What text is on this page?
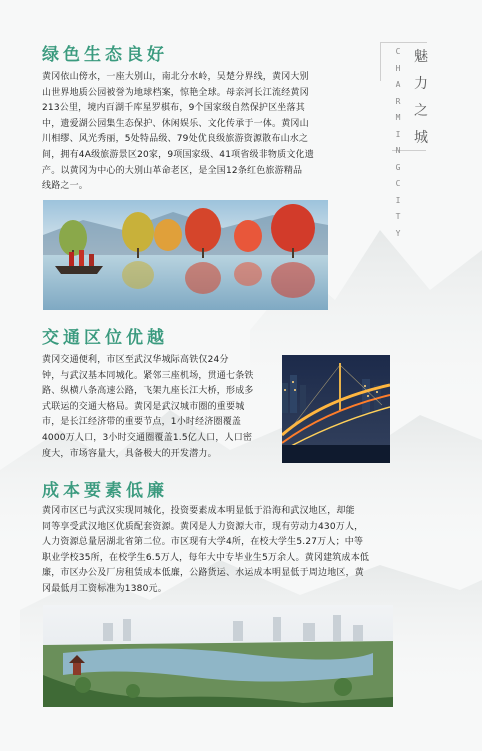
C
H
A
R
M
I
N
G
C
I
T
Y
魅
力
之
城
绿色生态良好
黄冈依山傍水，一座大别山，南北分水岭，吴楚分界线，黄冈大别
山世界地质公园被誉为地球档案，惊艳全球。母亲河长江流经黄冈
213公里，境内百湖千库星罗棋布，9个国家级自然保护区坐落其
中，遗爱湖公园集生态保护、休闲娱乐、文化传承于一体。黄冈山
川相缪、风光秀丽，5处特品级、79处优良级旅游资源散布山水之
间，拥有4A级旅游景区20家，9项国家级、41项省级非物质文化遗
产。以黄冈为中心的大别山革命老区，是全国12条红色旅游精品
线路之一。
交通区位优越
黄冈交通便利，市区至武汉华城际高铁仅24分
钟，与武汉基本同城化。紧邻三座机场，贯通七条铁
路、纵横八条高速公路，飞架九座长江大桥，形成多
式联运的交通大格局。黄冈是武汉城市圈的重要城
市，是长江经济带的重要节点，1小时经济圈覆盖
4000万人口，3小时交通圈覆盖1.5亿人口，人口密
度大，市场容量大，具备极大的开发潜力。
成本要素低廉
黄冈市区已与武汉实现同城化，投资要素成本明显低于沿海和武汉地区，却能
同等享受武汉地区优质配套资源。黄冈是人力资源大市，现有劳动力430万人，
人力资源总量居湖北省第二位。市区现有大学4所，在校大学生5.27万人；中等
职业学校35所，在校学生6.5万人，每年大中专毕业生5万余人。黄冈建筑成本低
廉，市区办公及厂房租赁成本低廉，公路货运、水运成本明显低于周边地区，黄
冈最低月工资标准为1380元。
